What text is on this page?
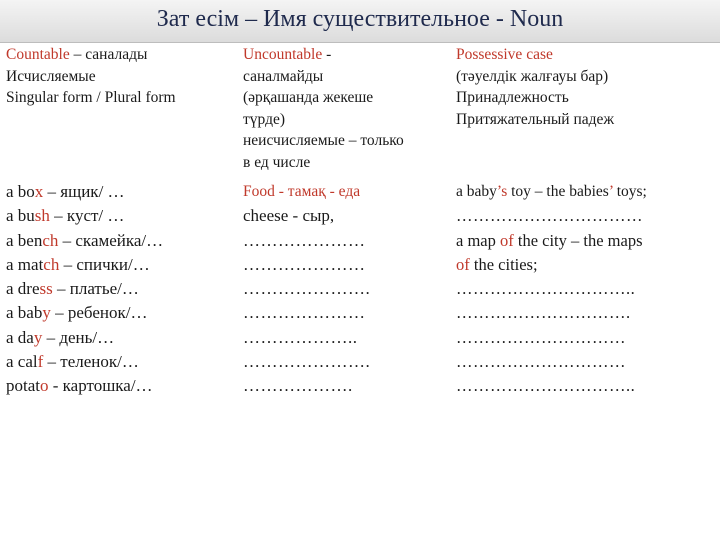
Зат есім – Имя существительное - Noun
Countable – саналады
Исчисляемые
Singular form / Plural form
a box – ящик/ …
a bush – куст/ …
a bench – скамейка/…
a match – спички/…
a dress – платье/…
a baby – ребенок/…
a day – день/…
a calf – теленок/…
potato - картошка/…
Uncountable -
саналмайды
(әрқашанда жекеше
түрде)
неисчисляемые – только
в ед числе
Food - тамақ - еда
cheese - сыр,
…………………
…………………
………………….
…………………
………………..
………………….
……………….
Possessive case
(тәуелдік жалғауы бар)
Принадлежность
Притяжательный падеж
a baby’s toy – the babies’ toys;
……………………………
a map of the city – the maps
of the cities;
…………………………..
………………………….
…………………………
…………………………
…………………………..
